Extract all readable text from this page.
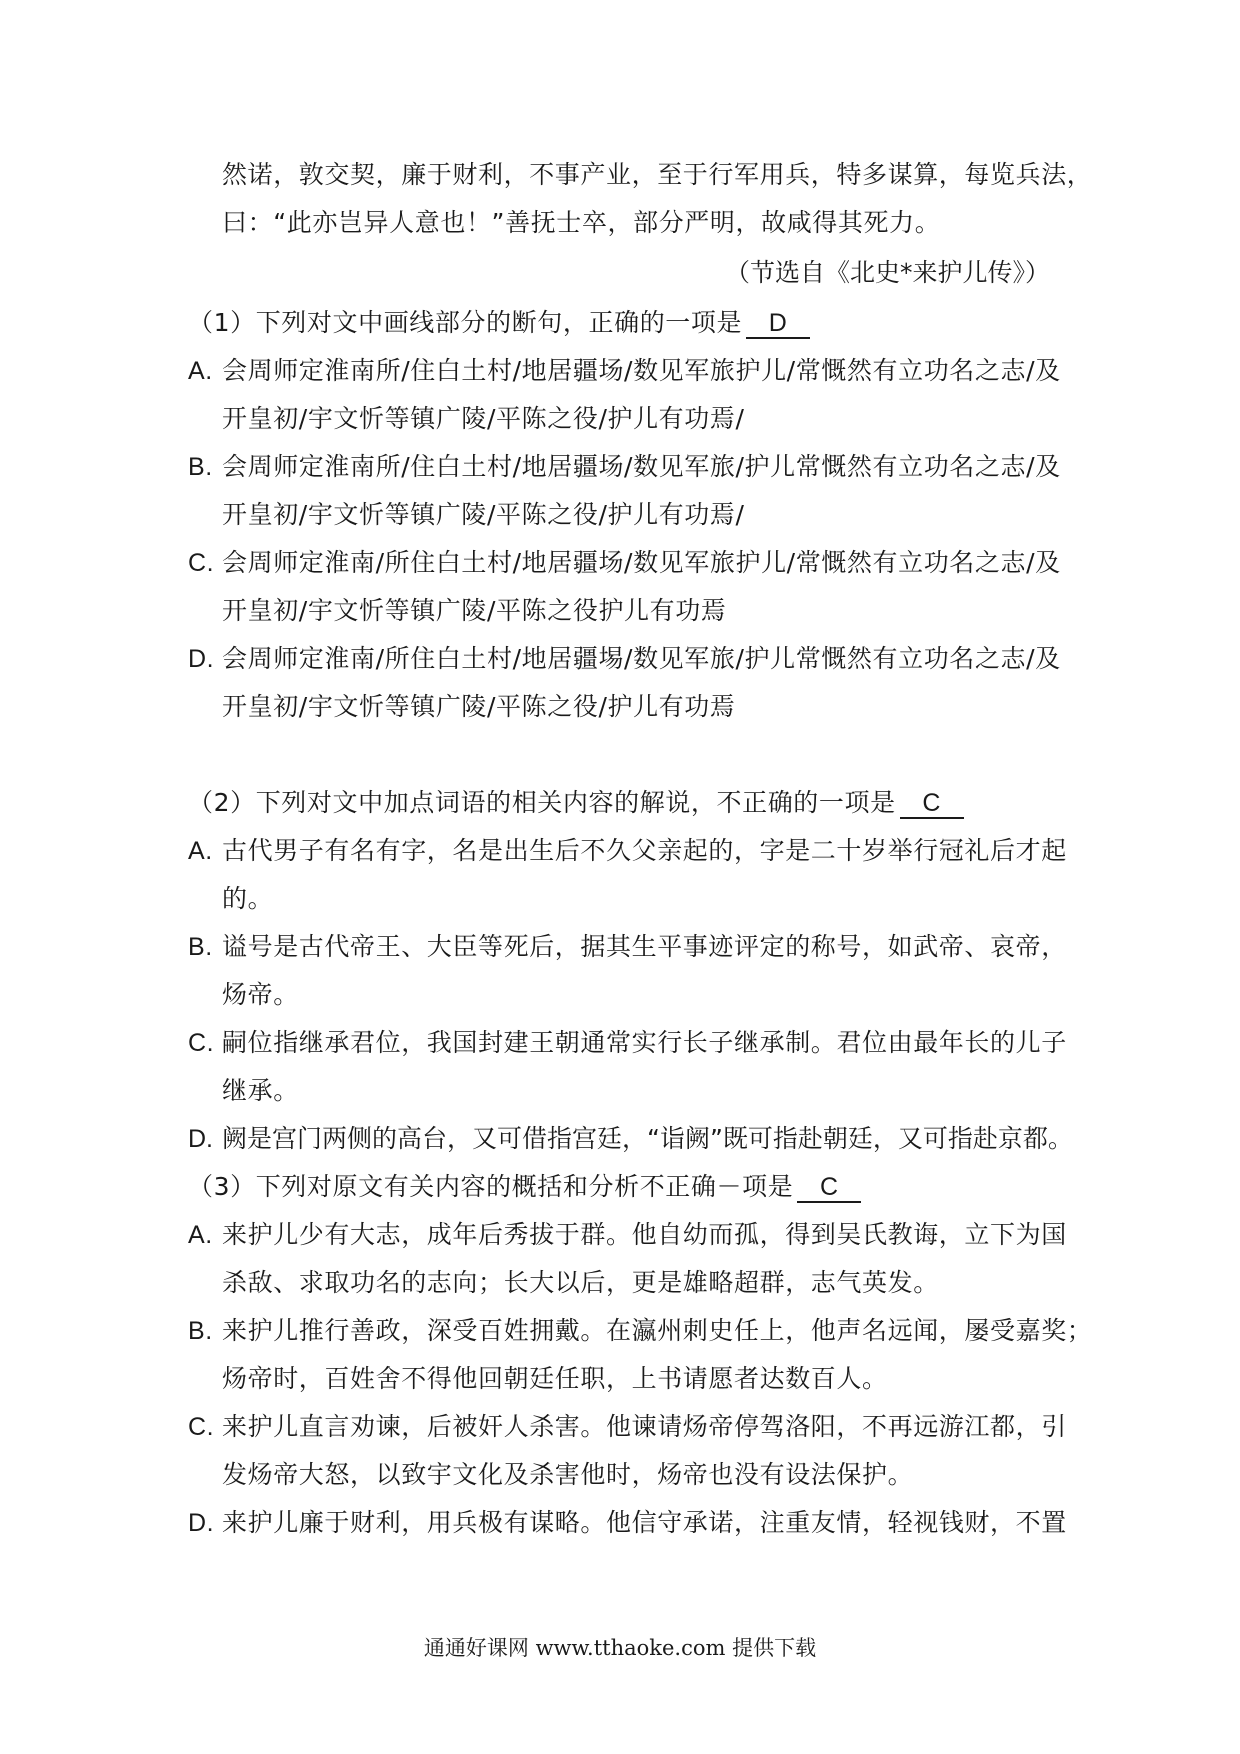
然诺，敦交契，廉于财利，不事产业，至于行军用兵，特多谋算，每览兵法，
曰：“此亦岂异人意也！”善抚士卒，部分严明，故咸得其死力。
（节选自《北史*来护儿传》）
（1）下列对文中画线部分的断句，正确的一项是 D
A. 会周师定淮南所/住白土村/地居疆场/数见军旅护儿/常慨然有立功名之志/及
开皇初/宇文忻等镇广陵/平陈之役/护儿有功焉/
B. 会周师定淮南所/住白土村/地居疆场/数见军旅/护儿常慨然有立功名之志/及
开皇初/宇文忻等镇广陵/平陈之役/护儿有功焉/
C. 会周师定淮南/所住白土村/地居疆场/数见军旅护儿/常慨然有立功名之志/及
开皇初/宇文忻等镇广陵/平陈之役护儿有功焉
D. 会周师定淮南/所住白土村/地居疆埸/数见军旅/护儿常慨然有立功名之志/及
开皇初/宇文忻等镇广陵/平陈之役/护儿有功焉
（2）下列对文中加点词语的相关内容的解说，不正确的一项是 C
A. 古代男子有名有字，名是出生后不久父亲起的，字是二十岁举行冠礼后才起
的。
B. 谥号是古代帝王、大臣等死后，据其生平事迹评定的称号，如武帝、哀帝，
炀帝。
C. 嗣位指继承君位，我国封建王朝通常实行长子继承制。君位由最年长的儿子
继承。
D. 阙是宫门两侧的高台，又可借指宫廷，“诣阙”既可指赴朝廷，又可指赴京都。
（3）下列对原文有关内容的概括和分析不正确－项是 C
A. 来护儿少有大志，成年后秀拔于群。他自幼而孤，得到吴氏教诲，立下为国
杀敌、求取功名的志向；长大以后，更是雄略超群，志气英发。
B. 来护儿推行善政，深受百姓拥戴。在瀛州刺史任上，他声名远闻，屡受嘉奖；
炀帝时，百姓舍不得他回朝廷任职，上书请愿者达数百人。
C. 来护儿直言劝谏，后被奸人杀害。他谏请炀帝停驾洛阳，不再远游江都，引
发炀帝大怒，以致宇文化及杀害他时，炀帝也没有设法保护。
D. 来护儿廉于财利，用兵极有谋略。他信守承诺，注重友情，轻视钱财，不置
通通好课网 www.tthaoke.com 提供下载
